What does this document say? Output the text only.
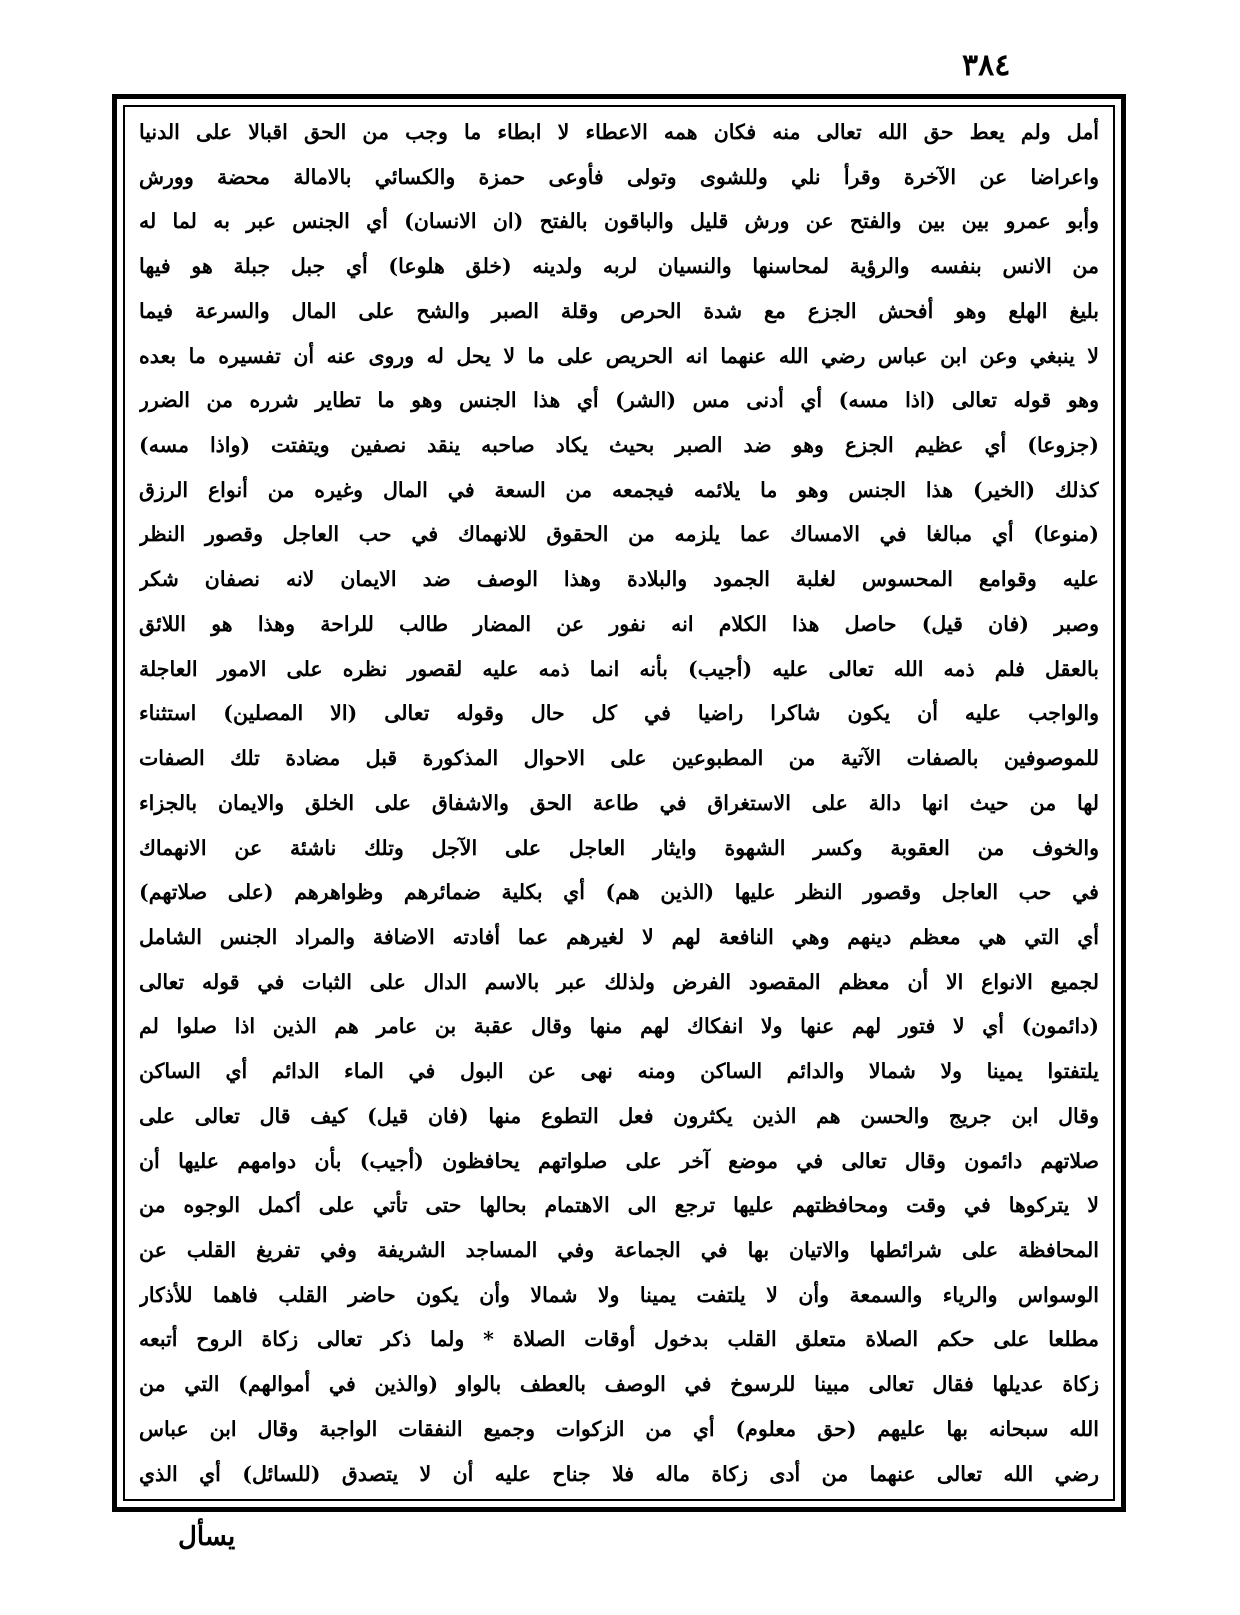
٣٨٤
أمل ولم يعط حق الله تعالى منه فكان همه الاعطاء لا ابطاء ما وجب من الحق اقبالا على الدنيا
واعراضا عن الآخرة وقرأ نلي وللشوى وتولى فأوعى حمزة والكسائي بالامالة محضة وورش
وأبو عمرو بين بين والفتح عن ورش قليل والباقون بالفتح (ان الانسان) أي الجنس عبر به لما له
من الانس بنفسه والرؤية لمحاسنها والنسيان لربه ولدينه (خلق هلوعا) أي جبل جبلة هو فيها
بليغ الهلع وهو أفحش الجزع مع شدة الحرص وقلة الصبر والشح على المال والسرعة فيما
لا ينبغي وعن ابن عباس رضي الله عنهما انه الحريص على ما لا يحل له وروى عنه أن تفسيره ما بعده
وهو قوله تعالى (اذا مسه) أي أدنى مس (الشر) أي هذا الجنس وهو ما تطاير شرره من الضرر
(جزوعا) أي عظيم الجزع وهو ضد الصبر بحيث يكاد صاحبه ينقد نصفين ويتفتت (واذا مسه)
كذلك (الخير) هذا الجنس وهو ما يلائمه فيجمعه من السعة في المال وغيره من أنواع الرزق
(منوعا) أي مبالغا في الامساك عما يلزمه من الحقوق للانهماك في حب العاجل وقصور النظر
عليه وقوامع المحسوس لغلبة الجمود والبلادة وهذا الوصف ضد الايمان لانه نصفان شكر
وصبر (فان قيل) حاصل هذا الكلام انه نفور عن المضار طالب للراحة وهذا هو اللائق
بالعقل فلم ذمه الله تعالى عليه (أجيب) بأنه انما ذمه عليه لقصور نظره على الامور العاجلة
والواجب عليه أن يكون شاكرا راضيا في كل حال وقوله تعالى (الا المصلين) استثناء
للموصوفين بالصفات الآتية من المطبوعين على الاحوال المذكورة قبل مضادة تلك الصفات
لها من حيث انها دالة على الاستغراق في طاعة الحق والاشفاق على الخلق والايمان بالجزاء
والخوف من العقوبة وكسر الشهوة وايثار العاجل على الآجل وتلك ناشئة عن الانهماك
في حب العاجل وقصور النظر عليها (الذين هم) أي بكلية ضمائرهم وظواهرهم (على صلاتهم)
أي التي هي معظم دينهم وهي النافعة لهم لا لغيرهم عما أفادته الاضافة والمراد الجنس الشامل
لجميع الانواع الا أن معظم المقصود الفرض ولذلك عبر بالاسم الدال على الثبات في قوله تعالى
(دائمون) أي لا فتور لهم عنها ولا انفكاك لهم منها وقال عقبة بن عامر هم الذين اذا صلوا لم
يلتفتوا يمينا ولا شمالا والدائم الساكن ومنه نهى عن البول في الماء الدائم أي الساكن
وقال ابن جريج والحسن هم الذين يكثرون فعل التطوع منها (فان قيل) كيف قال تعالى على
صلاتهم دائمون وقال تعالى في موضع آخر على صلواتهم يحافظون (أجيب) بأن دوامهم عليها أن
لا يتركوها في وقت ومحافظتهم عليها ترجع الى الاهتمام بحالها حتى تأتي على أكمل الوجوه من
المحافظة على شرائطها والاتيان بها في الجماعة وفي المساجد الشريفة وفي تفريغ القلب عن
الوسواس والرياء والسمعة وأن لا يلتفت يمينا ولا شمالا وأن يكون حاضر القلب فاهما للأذكار
مطلعا على حكم الصلاة متعلق القلب بدخول أوقات الصلاة * ولما ذكر تعالى زكاة الروح أتبعه
زكاة عديلها فقال تعالى مبينا للرسوخ في الوصف بالعطف بالواو (والذين في أموالهم) التي من
الله سبحانه بها عليهم (حق معلوم) أي من الزكوات وجميع النفقات الواجبة وقال ابن عباس
رضي الله تعالى عنهما من أدى زكاة ماله فلا جناح عليه أن لا يتصدق (للسائل) أي الذي
يسأل
